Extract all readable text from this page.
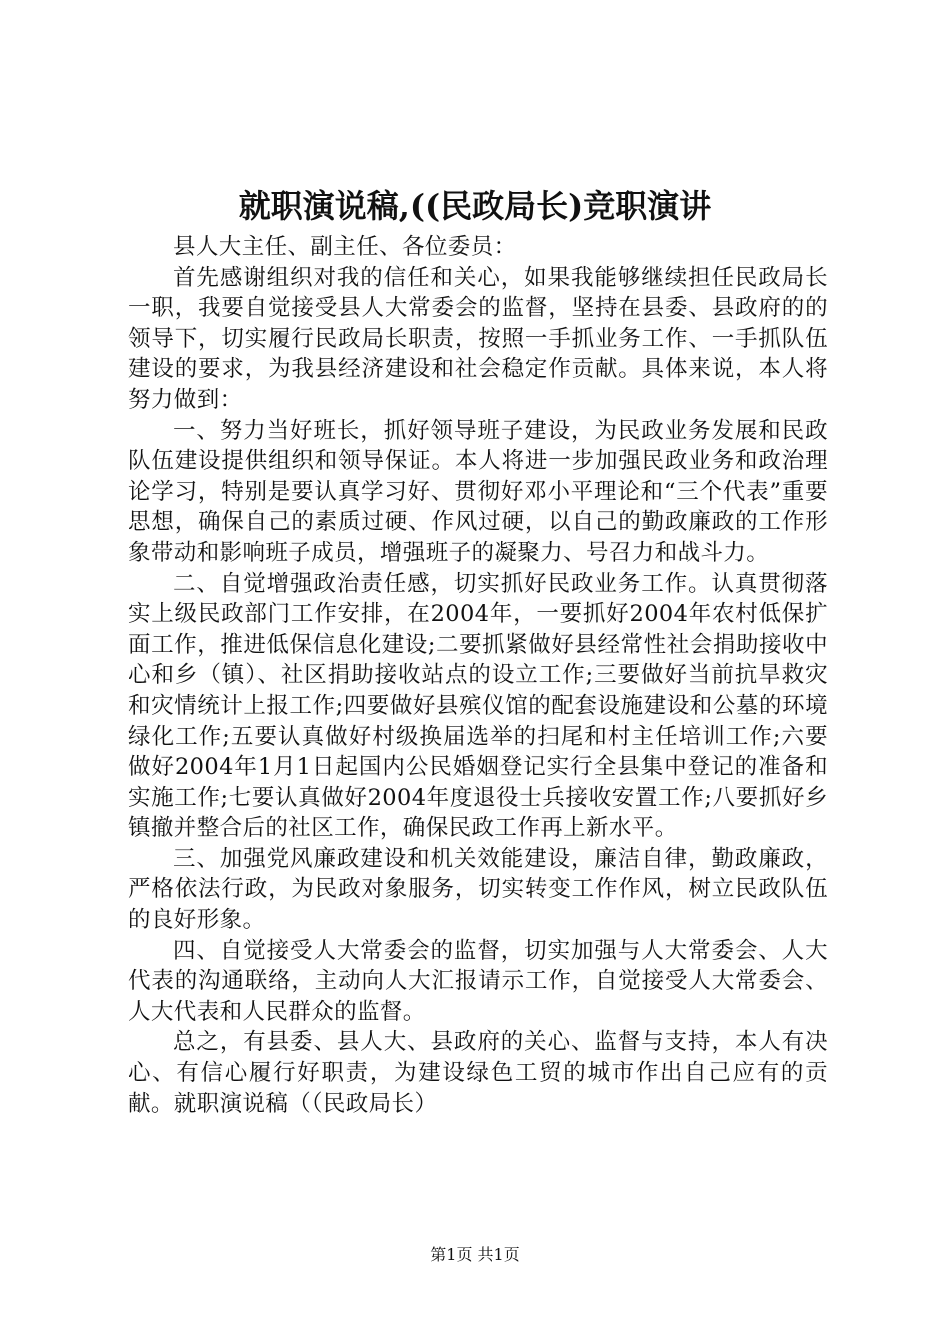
就职演说稿,((民政局长)竞职演讲

县人大主任、副主任、各位委员：

首先感谢组织对我的信任和关心，如果我能够继续担任民政局长一职，我要自觉接受县人大常委会的监督，坚持在县委、县政府的的领导下，切实履行民政局长职责，按照一手抓业务工作、一手抓队伍建设的要求，为我县经济建设和社会稳定作贡献。具体来说，本人将努力做到：

一、努力当好班长，抓好领导班子建设，为民政业务发展和民政队伍建设提供组织和领导保证。本人将进一步加强民政业务和政治理论学习，特别是要认真学习好、贯彻好邓小平理论和“三个代表”重要思想，确保自己的素质过硬、作风过硬，以自己的勤政廉政的工作形象带动和影响班子成员，增强班子的凝聚力、号召力和战斗力。

二、自觉增强政治责任感，切实抓好民政业务工作。认真贯彻落实上级民政部门工作安排，在2004年，一要抓好2004年农村低保扩面工作，推进低保信息化建设;二要抓紧做好县经常性社会捐助接收中心和乡（镇）、社区捐助接收站点的设立工作;三要做好当前抗旱救灾和灾情统计上报工作;四要做好县殡仪馆的配套设施建设和公墓的环境绿化工作;五要认真做好村级换届选举的扫尾和村主任培训工作;六要做好2004年1月1日起国内公民婚姻登记实行全县集中登记的准备和实施工作;七要认真做好2004年度退役士兵接收安置工作;八要抓好乡镇撤并整合后的社区工作，确保民政工作再上新水平。

三、加强党风廉政建设和机关效能建设，廉洁自律，勤政廉政，严格依法行政，为民政对象服务，切实转变工作作风，树立民政队伍的良好形象。

四、自觉接受人大常委会的监督，切实加强与人大常委会、人大代表的沟通联络，主动向人大汇报请示工作，自觉接受人大常委会、人大代表和人民群众的监督。

总之，有县委、县人大、县政府的关心、监督与支持，本人有决心、有信心履行好职责，为建设绿色工贸的城市作出自己应有的贡献。就职演说稿（（民政局长）

第1页 共1页
